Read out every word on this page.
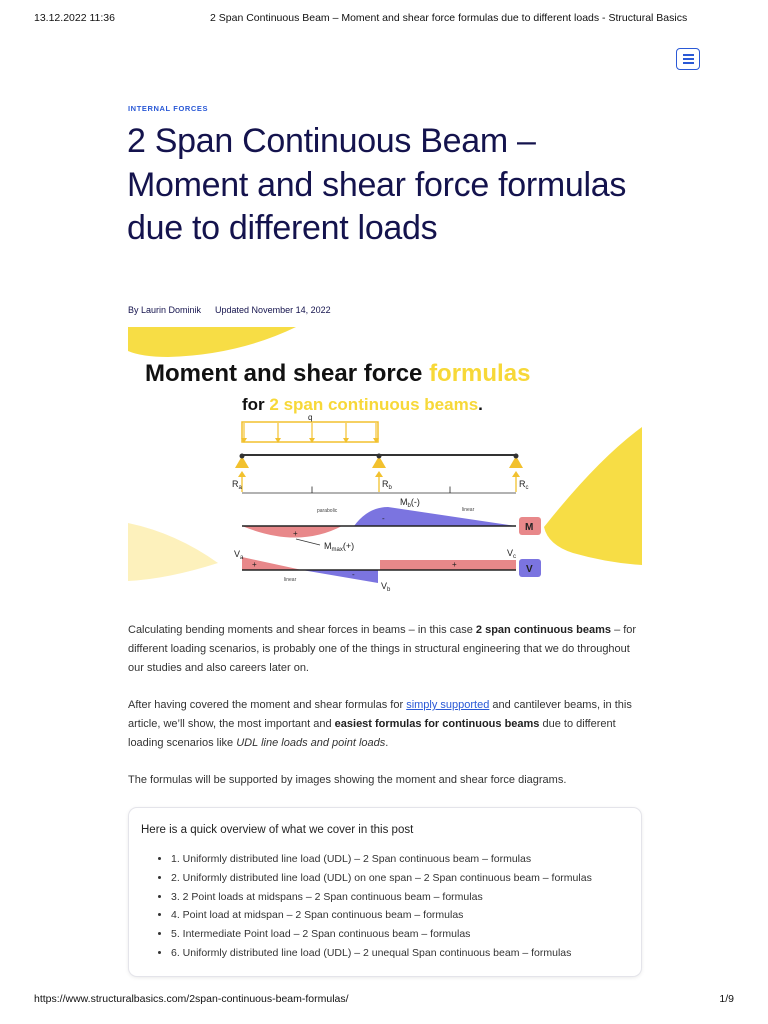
13.12.2022 11:36	2 Span Continuous Beam – Moment and shear force formulas due to different loads - Structural Basics
INTERNAL FORCES
2 Span Continuous Beam – Moment and shear force formulas due to different loads
By Laurin Dominik Updated November 14, 2022
Moment and shear force formulas
for 2 span continuous beams.
q
$R_a$	$R_b$	$R_c$
l	l
parabolic	linear
$M_b(-)$
-
+
$M_{max}(+)$
M
$V_a$
$V_b$
$V_c$
+
-
+
linear
V

Calculating bending moments and shear forces in beams – in this case 2 span continuous beams – for different loading scenarios, is probably one of the things in structural engineering that we do throughout our studies and also careers later on.

After having covered the moment and shear formulas for simply supported and cantilever beams, in this article, we’ll show, the most important and easiest formulas for continuous beams due to different loading scenarios like UDL line loads and point loads.

The formulas will be supported by images showing the moment and shear force diagrams.

Here is a quick overview of what we cover in this post
• 1. Uniformly distributed line load (UDL) – 2 Span continuous beam – formulas
• 2. Uniformly distributed line load (UDL) on one span – 2 Span continuous beam – formulas
• 3. 2 Point loads at midspans – 2 Span continuous beam – formulas
• 4. Point load at midspan – 2 Span continuous beam – formulas
• 5. Intermediate Point load – 2 Span continuous beam – formulas
• 6. Uniformly distributed line load (UDL) – 2 unequal Span continuous beam – formulas
https://www.structuralbasics.com/2span-continuous-beam-formulas/	1/9
